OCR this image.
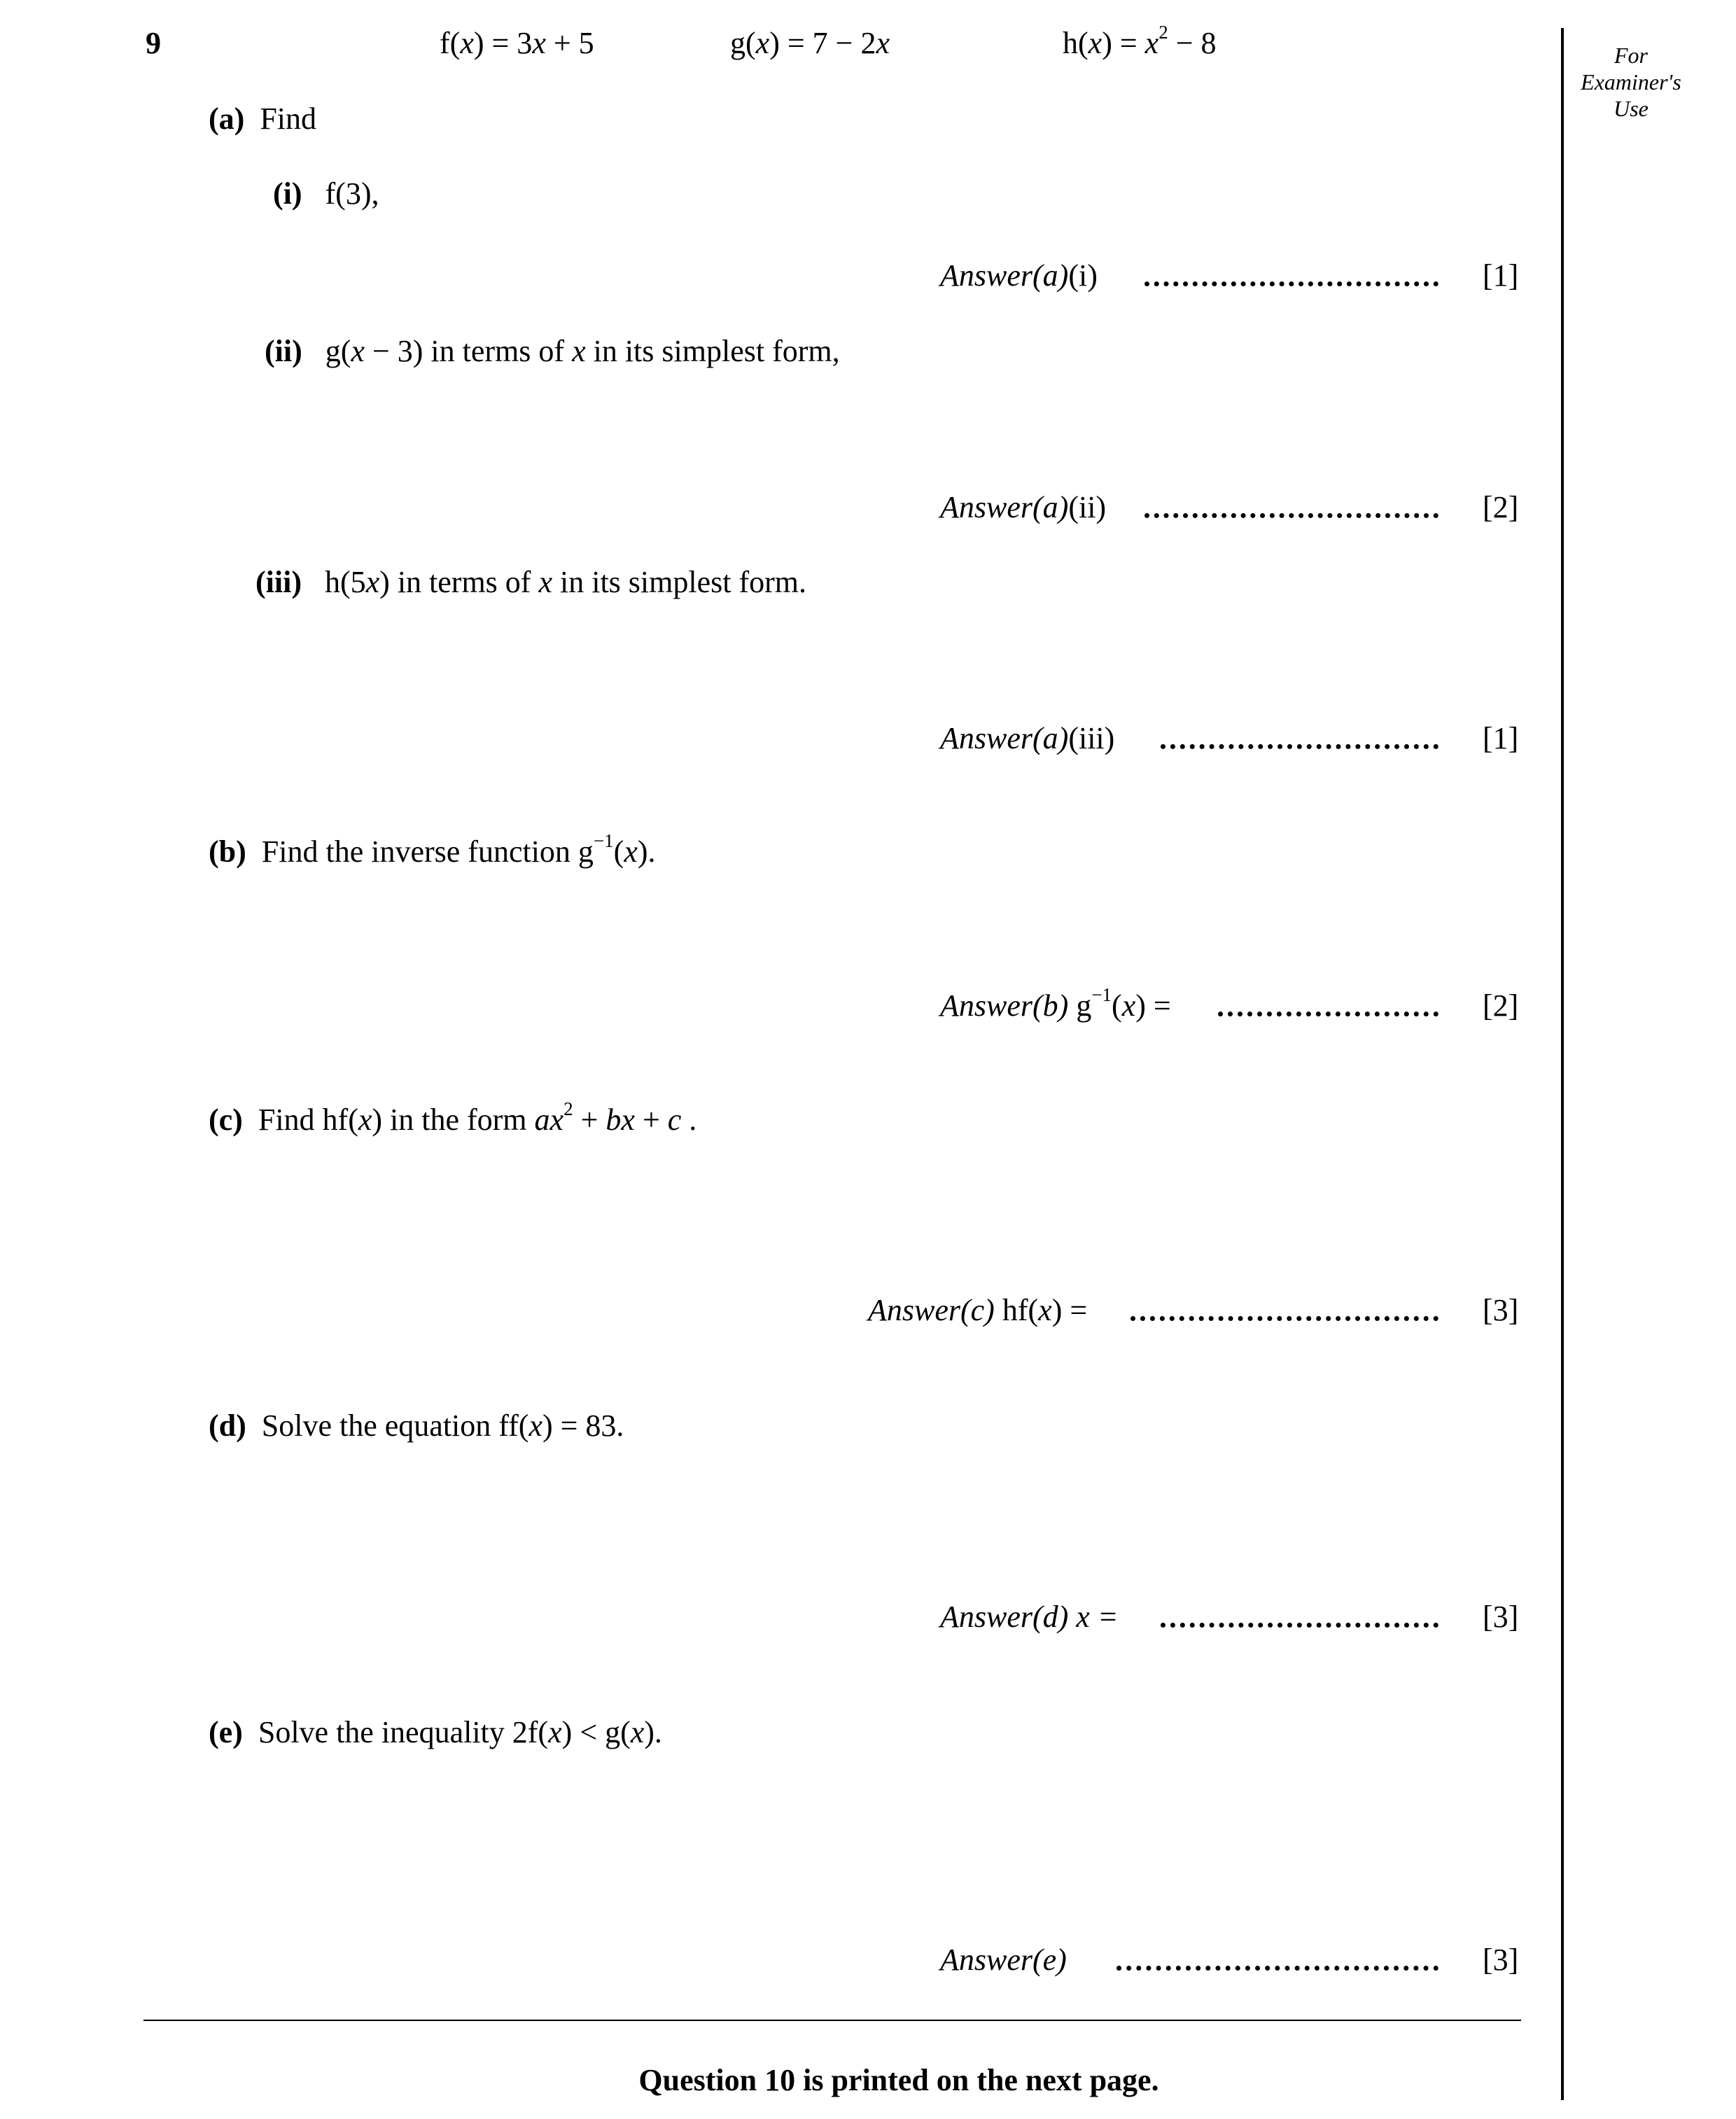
9	f(x) = 3x + 5	g(x) = 7 − 2x	$h(x) = x^2 - 8$	For Examiner's Use
(a) Find
(i) f(3),
Answer(a)(i)	[1]
(ii) g(x − 3) in terms of x in its simplest form,
Answer(a)(ii)	[2]
(iii) h(5x) in terms of x in its simplest form.
Answer(a)(iii)	[1]
(b) Find the inverse function $g^{-1}(x)$.
Answer(b) $g^{-1}(x)$ =	[2]
(c) Find hf(x) in the form $ax^2$ + bx + c .
Answer(c) hf(x) =	[3]
(d) Solve the equation ff(x) = 83.
Answer(d) x =	[3]
(e) Solve the inequality 2f(x) < g(x).
Answer(e)	[3]
Question 10 is printed on the next page.
